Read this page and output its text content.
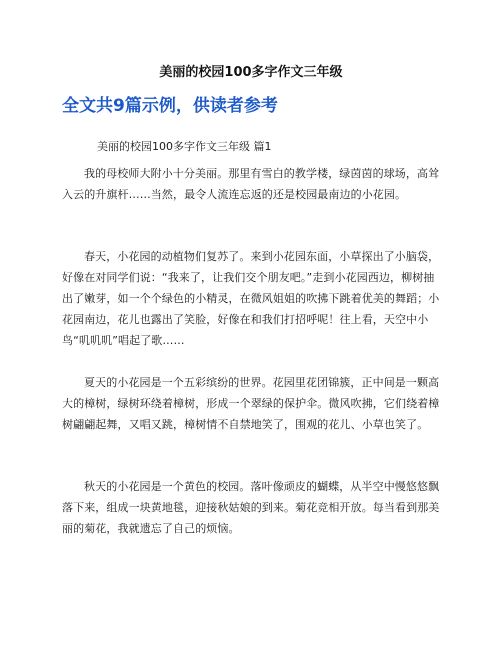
美丽的校园100多字作文三年级
全文共9篇示例，供读者参考
美丽的校园100多字作文三年级 篇1

我的母校师大附小十分美丽。那里有雪白的教学楼，绿茵茵的球场，高耸入云的升旗杆……当然，最令人流连忘返的还是校园最南边的小花园。

春天，小花园的动植物们复苏了。来到小花园东面，小草探出了小脑袋，好像在对同学们说：“我来了，让我们交个朋友吧。”走到小花园西边，柳树抽出了嫩芽，如一个个绿色的小精灵，在微风姐姐的吹拂下跳着优美的舞蹈；小花园南边，花儿也露出了笑脸，好像在和我们打招呼呢！往上看，天空中小鸟“叽叽叽”唱起了歌……

夏天的小花园是一个五彩缤纷的世界。花园里花团锦簇，正中间是一颗高大的樟树，绿树环绕着樟树，形成一个翠绿的保护伞。微风吹拂，它们绕着樟树翩翩起舞，又唱又跳，樟树情不自禁地笑了，围观的花儿、小草也笑了。

秋天的小花园是一个黄色的校园。落叶像顽皮的蝴蝶，从半空中慢悠悠飘落下来，组成一块黄地毯，迎接秋姑娘的到来。菊花竞相开放。每当看到那美丽的菊花，我就遗忘了自己的烦恼。
